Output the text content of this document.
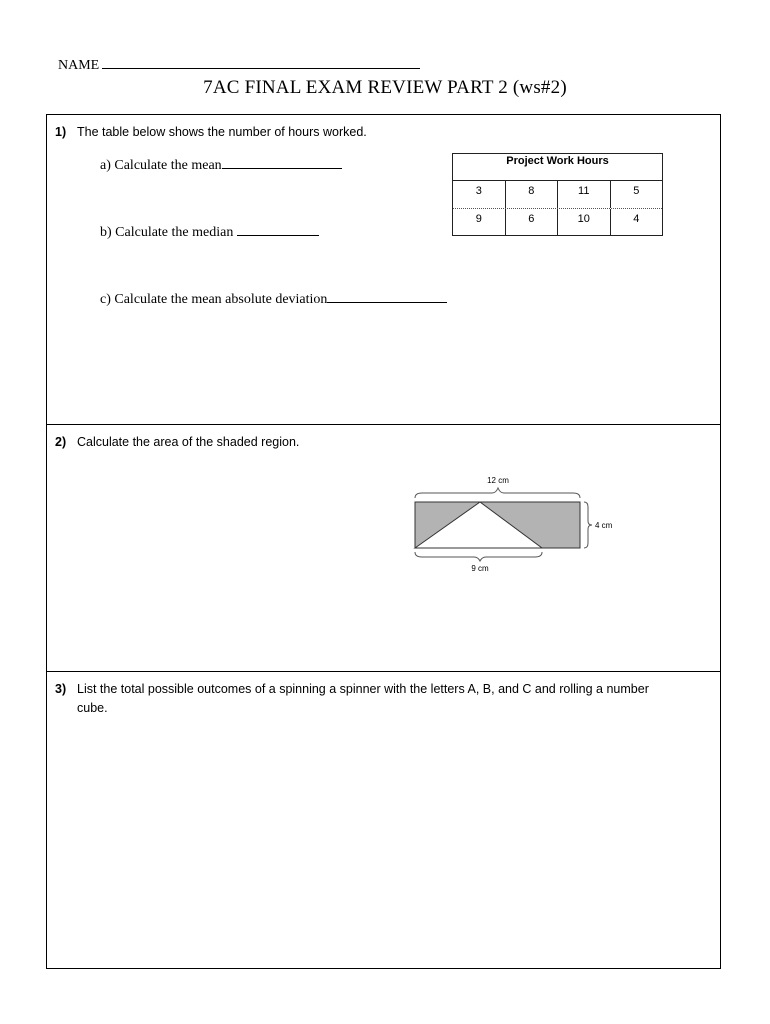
NAME
7AC FINAL EXAM REVIEW PART 2 (ws#2)
1) The table below shows the number of hours worked.
a) Calculate the mean
b) Calculate the median
c) Calculate the mean absolute deviation
Project Work Hours
3	8	11	5
9	6	10	4
2) Calculate the area of the shaded region.
12 cm
4 cm
9 cm
3) List the total possible outcomes of a spinning a spinner with the letters A, B, and C and rolling a number cube.
